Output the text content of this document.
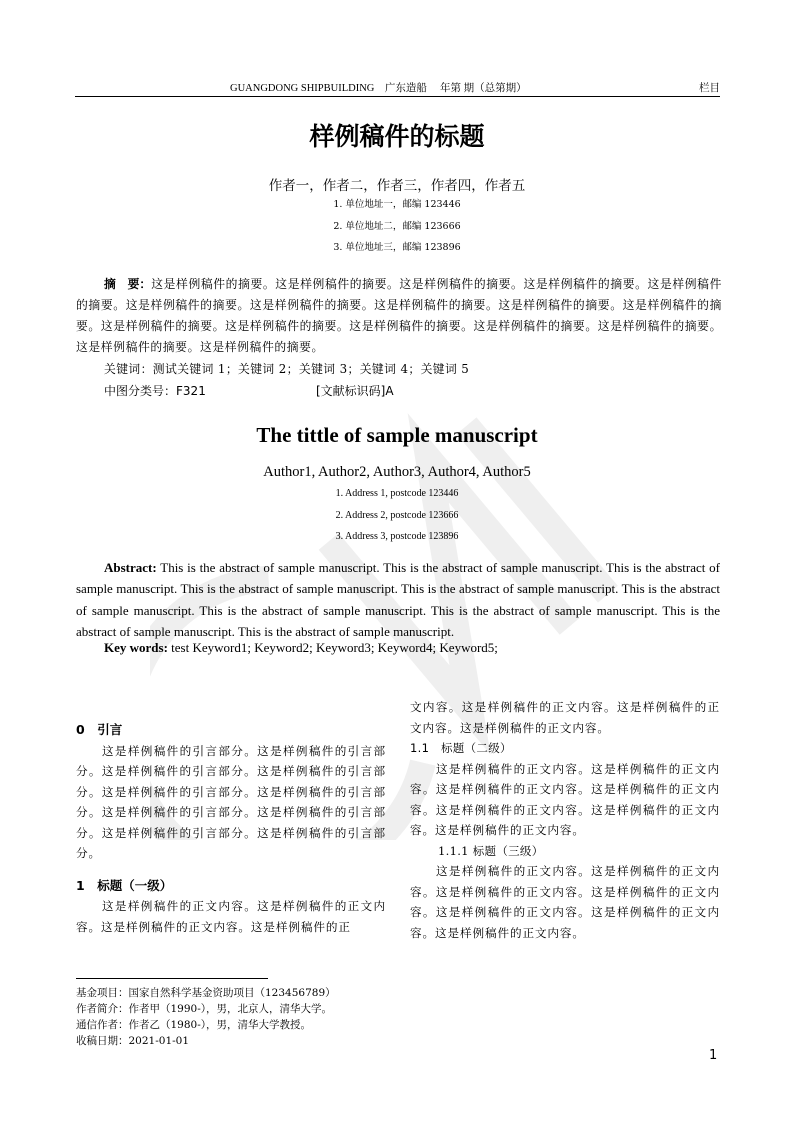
GUANGDONG SHIPBUILDING 广东造船 年第 期（总第期）	栏目
样例稿件的标题
作者一，作者二，作者三，作者四，作者五
1. 单位地址一，邮编 123446
2. 单位地址二，邮编 123666
3. 单位地址三，邮编 123896
摘　要：这是样例稿件的摘要。这是样例稿件的摘要。这是样例稿件的摘要。这是样例稿件的摘要。这是样例稿件的摘要。这是样例稿件的摘要。这是样例稿件的摘要。这是样例稿件的摘要。这是样例稿件的摘要。这是样例稿件的摘要。这是样例稿件的摘要。这是样例稿件的摘要。这是样例稿件的摘要。这是样例稿件的摘要。这是样例稿件的摘要。这是样例稿件的摘要。这是样例稿件的摘要。
关键词：测试关键词 1；关键词 2；关键词 3；关键词 4；关键词 5
中图分类号：F321	[文献标识码]A
The tittle of sample manuscript
Author1, Author2, Author3, Author4, Author5
1. Address 1, postcode 123446
2. Address 2, postcode 123666
3. Address 3, postcode 123896
Abstract: This is the abstract of sample manuscript. This is the abstract of sample manuscript. This is the abstract of sample manuscript. This is the abstract of sample manuscript. This is the abstract of sample manuscript. This is the abstract of sample manuscript. This is the abstract of sample manuscript. This is the abstract of sample manuscript. This is the abstract of sample manuscript. This is the abstract of sample manuscript.
Key words: test Keyword1; Keyword2; Keyword3; Keyword4; Keyword5;
0　引言

这是样例稿件的引言部分。这是样例稿件的引言部分。这是样例稿件的引言部分。这是样例稿件的引言部分。这是样例稿件的引言部分。这是样例稿件的引言部分。这是样例稿件的引言部分。这是样例稿件的引言部分。这是样例稿件的引言部分。这是样例稿件的引言部分。

1　标题（一级）

这是样例稿件的正文内容。这是样例稿件的正文内容。这是样例稿件的正文内容。这是样例稿件的正

文内容。这是样例稿件的正文内容。这是样例稿件的正文内容。这是样例稿件的正文内容。

1.1　标题（二级）

这是样例稿件的正文内容。这是样例稿件的正文内容。这是样例稿件的正文内容。这是样例稿件的正文内容。这是样例稿件的正文内容。这是样例稿件的正文内容。这是样例稿件的正文内容。

1.1.1 标题（三级）

这是样例稿件的正文内容。这是样例稿件的正文内容。这是样例稿件的正文内容。这是样例稿件的正文内容。这是样例稿件的正文内容。这是样例稿件的正文内容。这是样例稿件的正文内容。

基金项目：国家自然科学基金资助项目（123456789）
作者简介：作者甲（1990-），男，北京人，清华大学。
通信作者：作者乙（1980-），男，清华大学教授。
收稿日期：2021-01-01
1
